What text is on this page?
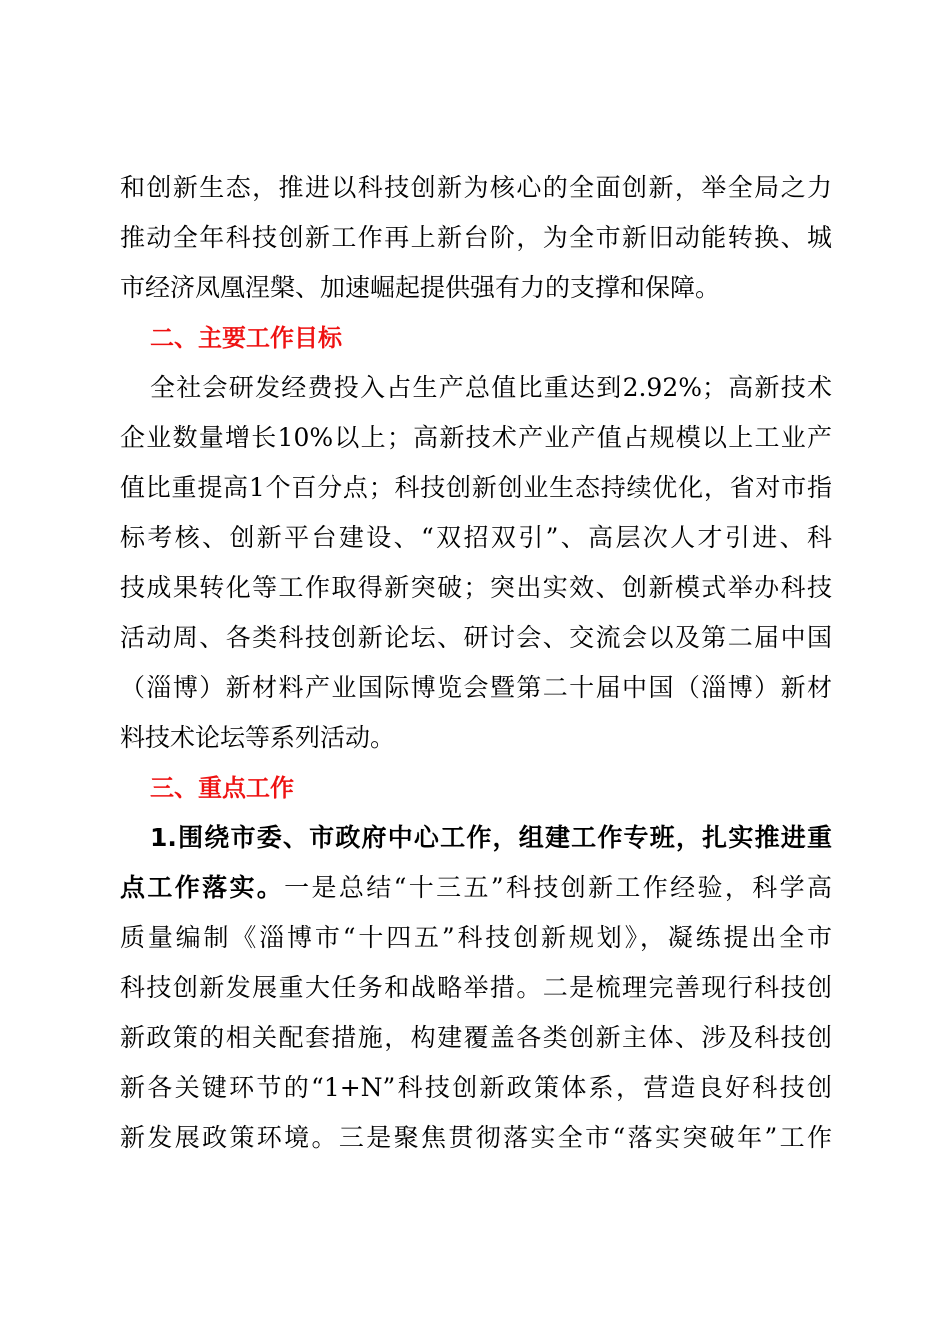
和创新生态，推进以科技创新为核心的全面创新，举全局之力
推动全年科技创新工作再上新台阶，为全市新旧动能转换、城
市经济凤凰涅槃、加速崛起提供强有力的支撑和保障。
二、主要工作目标
全社会研发经费投入占生产总值比重达到2.92%；高新技术
企业数量增长10%以上；高新技术产业产值占规模以上工业产
值比重提高1个百分点；科技创新创业生态持续优化，省对市指
标考核、创新平台建设、“双招双引”、高层次人才引进、科
技成果转化等工作取得新突破；突出实效、创新模式举办科技
活动周、各类科技创新论坛、研讨会、交流会以及第二届中国
（淄博）新材料产业国际博览会暨第二十届中国（淄博）新材
料技术论坛等系列活动。
三、重点工作
1.围绕市委、市政府中心工作，组建工作专班，扎实推进重
点工作落实。一是总结“十三五”科技创新工作经验，科学高
质量编制《淄博市“十四五”科技创新规划》，凝练提出全市
科技创新发展重大任务和战略举措。二是梳理完善现行科技创
新政策的相关配套措施，构建覆盖各类创新主体、涉及科技创
新各关键环节的“1+N”科技创新政策体系，营造良好科技创
新发展政策环境。三是聚焦贯彻落实全市“落实突破年”工作
